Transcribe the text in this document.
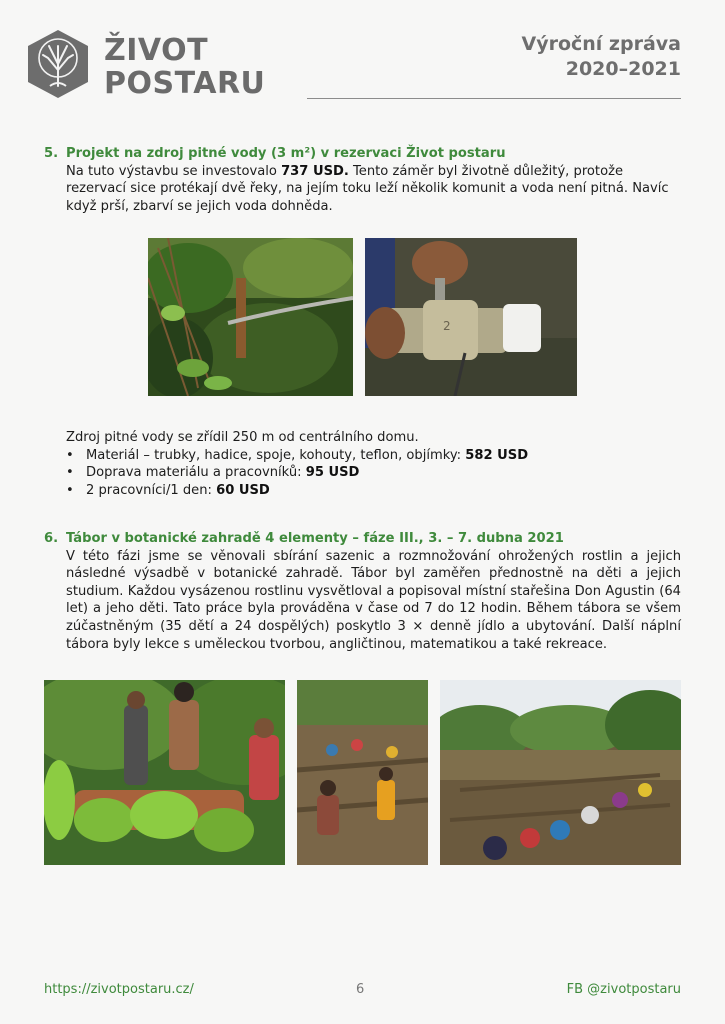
ŽIVOT
POSTARU
Výroční zpráva
2020–2021
5. Projekt na zdroj pitné vody (3 m²) v rezervaci Život postaru
Na tuto výstavbu se investovalo 737 USD. Tento záměr byl životně důležitý, protože rezervací sice protékají dvě řeky, na jejím toku leží několik komunit a voda není pitná. Navíc když prší, zbarví se jejich voda dohněda.
2
Zdroj pitné vody se zřídil 250 m od centrálního domu.
• Materiál – trubky, hadice, spoje, kohouty, teflon, objímky: 582 USD
• Doprava materiálu a pracovníků: 95 USD
• 2 pracovníci/1 den: 60 USD
6. Tábor v botanické zahradě 4 elementy – fáze III., 3. – 7. dubna 2021
V této fázi jsme se věnovali sbírání sazenic a rozmnožování ohrožených rostlin a jejich následné výsadbě v botanické zahradě. Tábor byl zaměřen přednostně na děti a jejich studium. Každou vysázenou rostlinu vysvětloval a popisoval místní stařešina Don Agustin (64 let) a jeho děti. Tato práce byla prováděna v čase od 7 do 12 hodin. Během tábora se všem zúčastněným (35 dětí a 24 dospělých) poskytlo 3 × denně jídlo a ubytování. Další náplní tábora byly lekce s uměleckou tvorbou, angličtinou, matematikou a také rekreace.
https://zivotpostaru.cz/	6	FB @zivotpostaru
